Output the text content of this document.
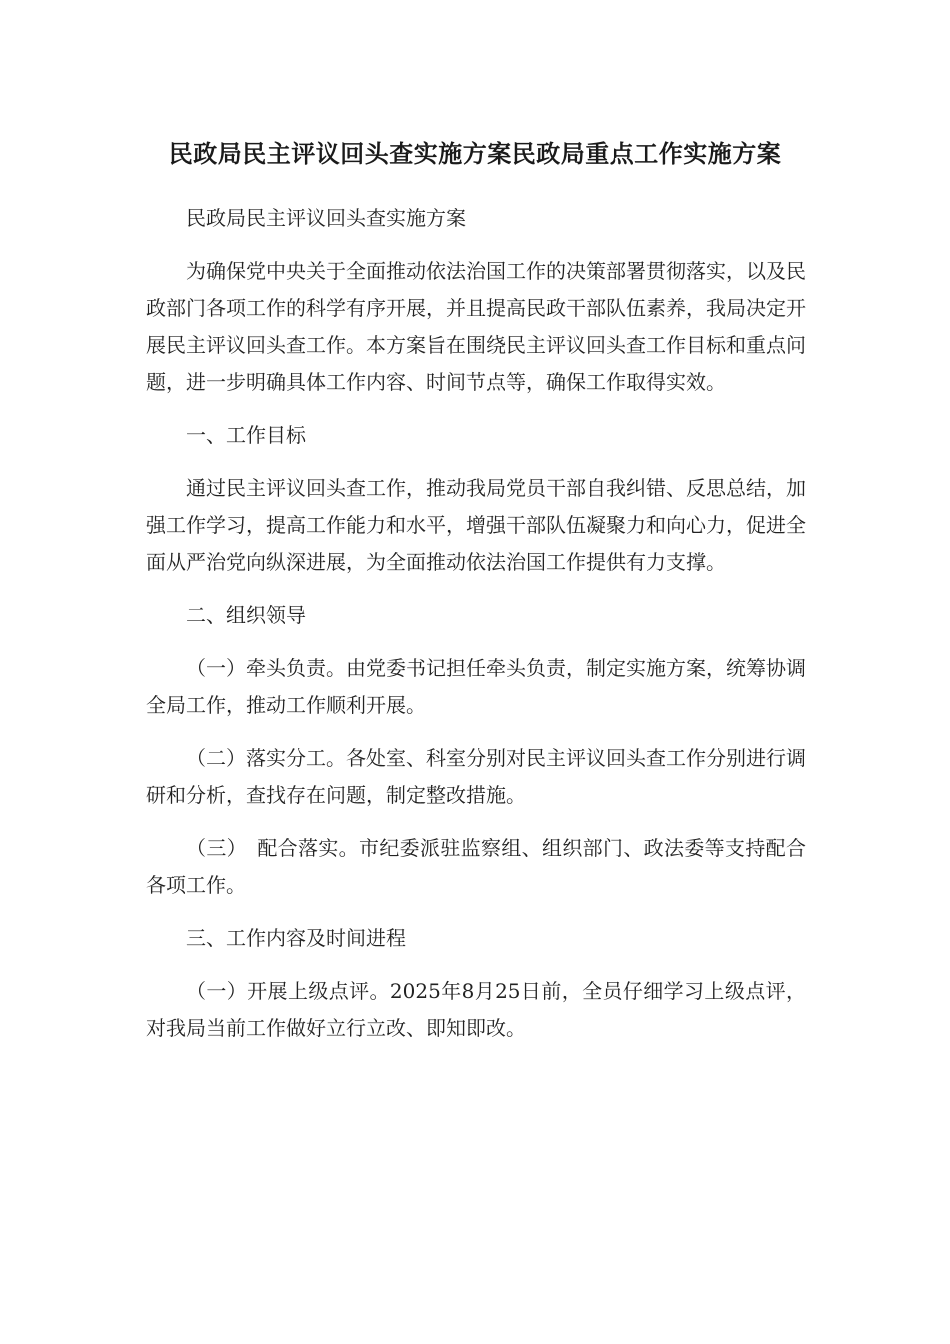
民政局民主评议回头查实施方案民政局重点工作实施方案

民政局民主评议回头查实施方案

为确保党中央关于全面推动依法治国工作的决策部署贯彻落实，以及民政部门各项工作的科学有序开展，并且提高民政干部队伍素养，我局决定开展民主评议回头查工作。本方案旨在围绕民主评议回头查工作目标和重点问题，进一步明确具体工作内容、时间节点等，确保工作取得实效。

一、工作目标

通过民主评议回头查工作，推动我局党员干部自我纠错、反思总结，加强工作学习，提高工作能力和水平，增强干部队伍凝聚力和向心力，促进全面从严治党向纵深进展，为全面推动依法治国工作提供有力支撑。

二、组织领导

（一）牵头负责。由党委书记担任牵头负责，制定实施方案，统筹协调全局工作，推动工作顺利开展。

（二）落实分工。各处室、科室分别对民主评议回头查工作分别进行调研和分析，查找存在问题，制定整改措施。

（三）　配合落实。市纪委派驻监察组、组织部门、政法委等支持配合各项工作。

三、工作内容及时间进程

（一）开展上级点评。2025年8月25日前，全员仔细学习上级点评，对我局当前工作做好立行立改、即知即改。
